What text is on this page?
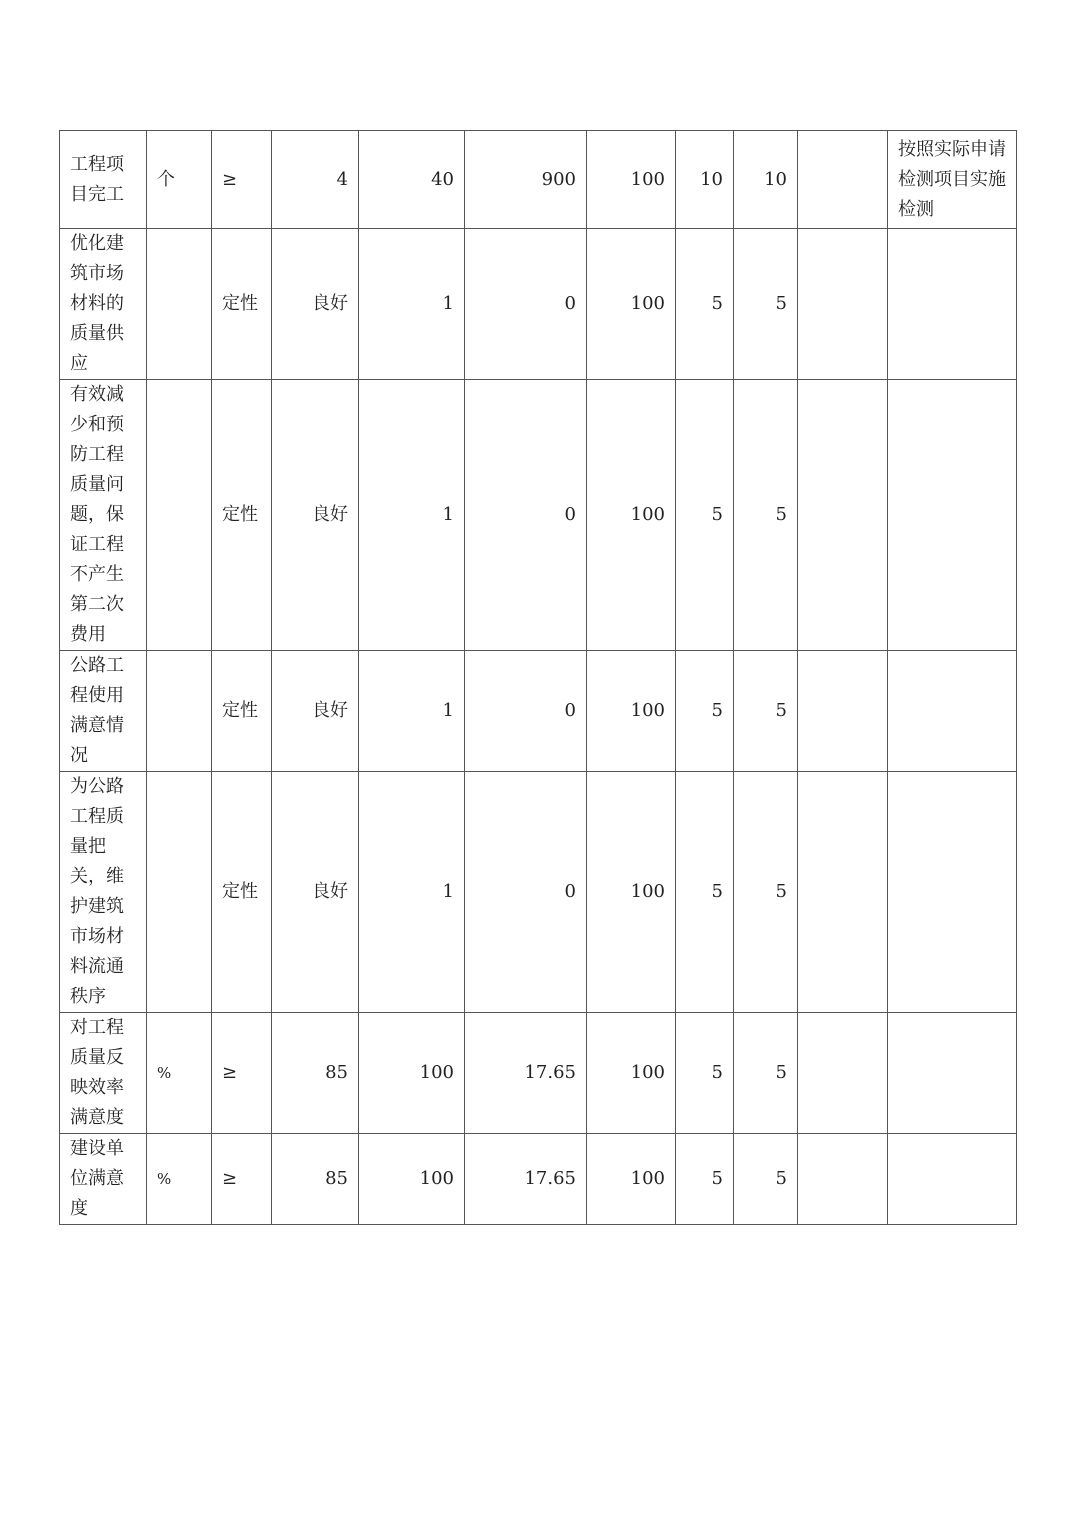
工程项目完工	个	≥	4	40	900	100	10	10		按照实际申请检测项目实施检测
优化建筑市场材料的质量供应		定性	良好	1	0	100	5	5		
有效减少和预防工程质量问题，保证工程不产生第二次费用		定性	良好	1	0	100	5	5		
公路工程使用满意情况		定性	良好	1	0	100	5	5		
为公路工程质量把关，维护建筑市场材料流通秩序		定性	良好	1	0	100	5	5		
对工程质量反映效率满意度	%	≥	85	100	17.65	100	5	5		
建设单位满意度	%	≥	85	100	17.65	100	5	5		
